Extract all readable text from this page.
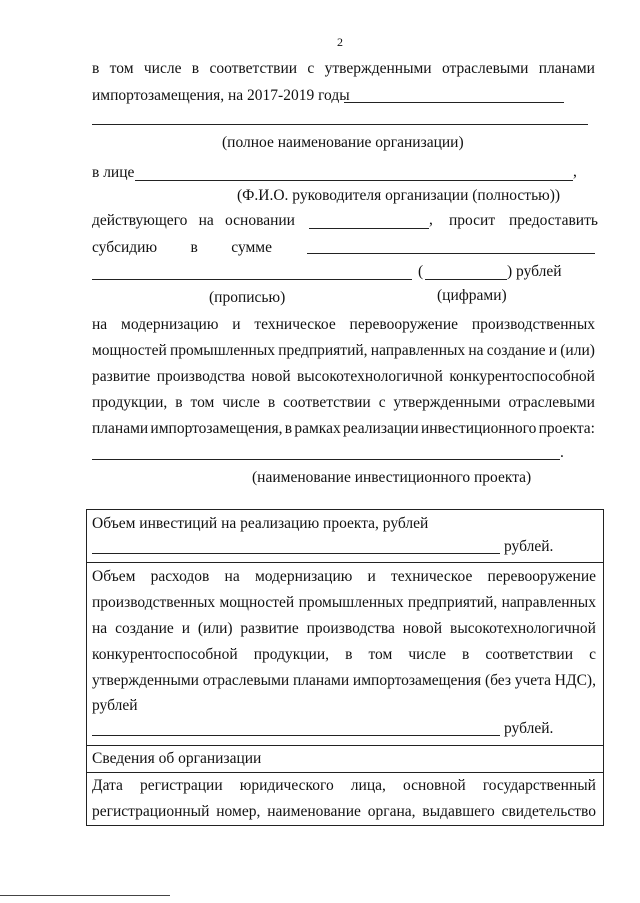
2
в том числе в соответствии с утвержденными отраслевыми планами
импортозамещения, на 2017-2019 годы
(полное наименование организации)
в лице	,
(Ф.И.О. руководителя организации (полностью))
действующего на основании	, просит предоставить
субсидию в сумме
(	) рублей
(прописью)	(цифрами)
на модернизацию и техническое перевооружение производственных
мощностей промышленных предприятий, направленных на создание и (или)
развитие производства новой высокотехнологичной конкурентоспособной
продукции, в том числе в соответствии с утвержденными отраслевыми
планами импортозамещения, в рамках реализации инвестиционного проекта:
.
(наименование инвестиционного проекта)
Объем инвестиций на реализацию проекта, рублей
рублей.
Объем расходов на модернизацию и техническое перевооружение
производственных мощностей промышленных предприятий, направленных
на создание и (или) развитие производства новой высокотехнологичной
конкурентоспособной продукции, в том числе в соответствии с
утвержденными отраслевыми планами импортозамещения (без учета НДС),
рублей
рублей.
Сведения об организации
Дата регистрации юридического лица, основной государственный
регистрационный номер, наименование органа, выдавшего свидетельство
